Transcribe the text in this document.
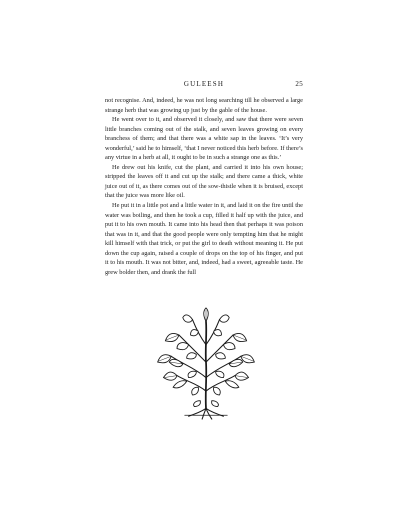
GULEESH	25

not recognise. And, indeed, he was not long searching till he observed a large strange herb that was growing up just by the gable of the house.

He went over to it, and observed it closely, and saw that there were seven little branches coming out of the stalk, and seven leaves growing on every branchess of them; and that there was a white sap in the leaves. ‘It’s very wonderful,’ said he to himself, ‘that I never noticed this herb before. If there’s any virtue in a herb at all, it ought to be in such a strange one as this.’

He drew out his knife, cut the plant, and carried it into his own house; stripped the leaves off it and cut up the stalk; and there came a thick, white juice out of it, as there comes out of the sow-thistle when it is bruised, except that the juice was more like oil.

He put it in a little pot and a little water in it, and laid it on the fire until the water was boiling, and then he took a cup, filled it half up with the juice, and put it to his own mouth. It came into his head then that perhaps it was poison that was in it, and that the good people were only tempting him that he might kill himself with that trick, or put the girl to death without meaning it. He put down the cup again, raised a couple of drops on the top of his finger, and put it to his mouth. It was not bitter, and, indeed, had a sweet, agreeable taste. He grew bolder then, and drank the full
